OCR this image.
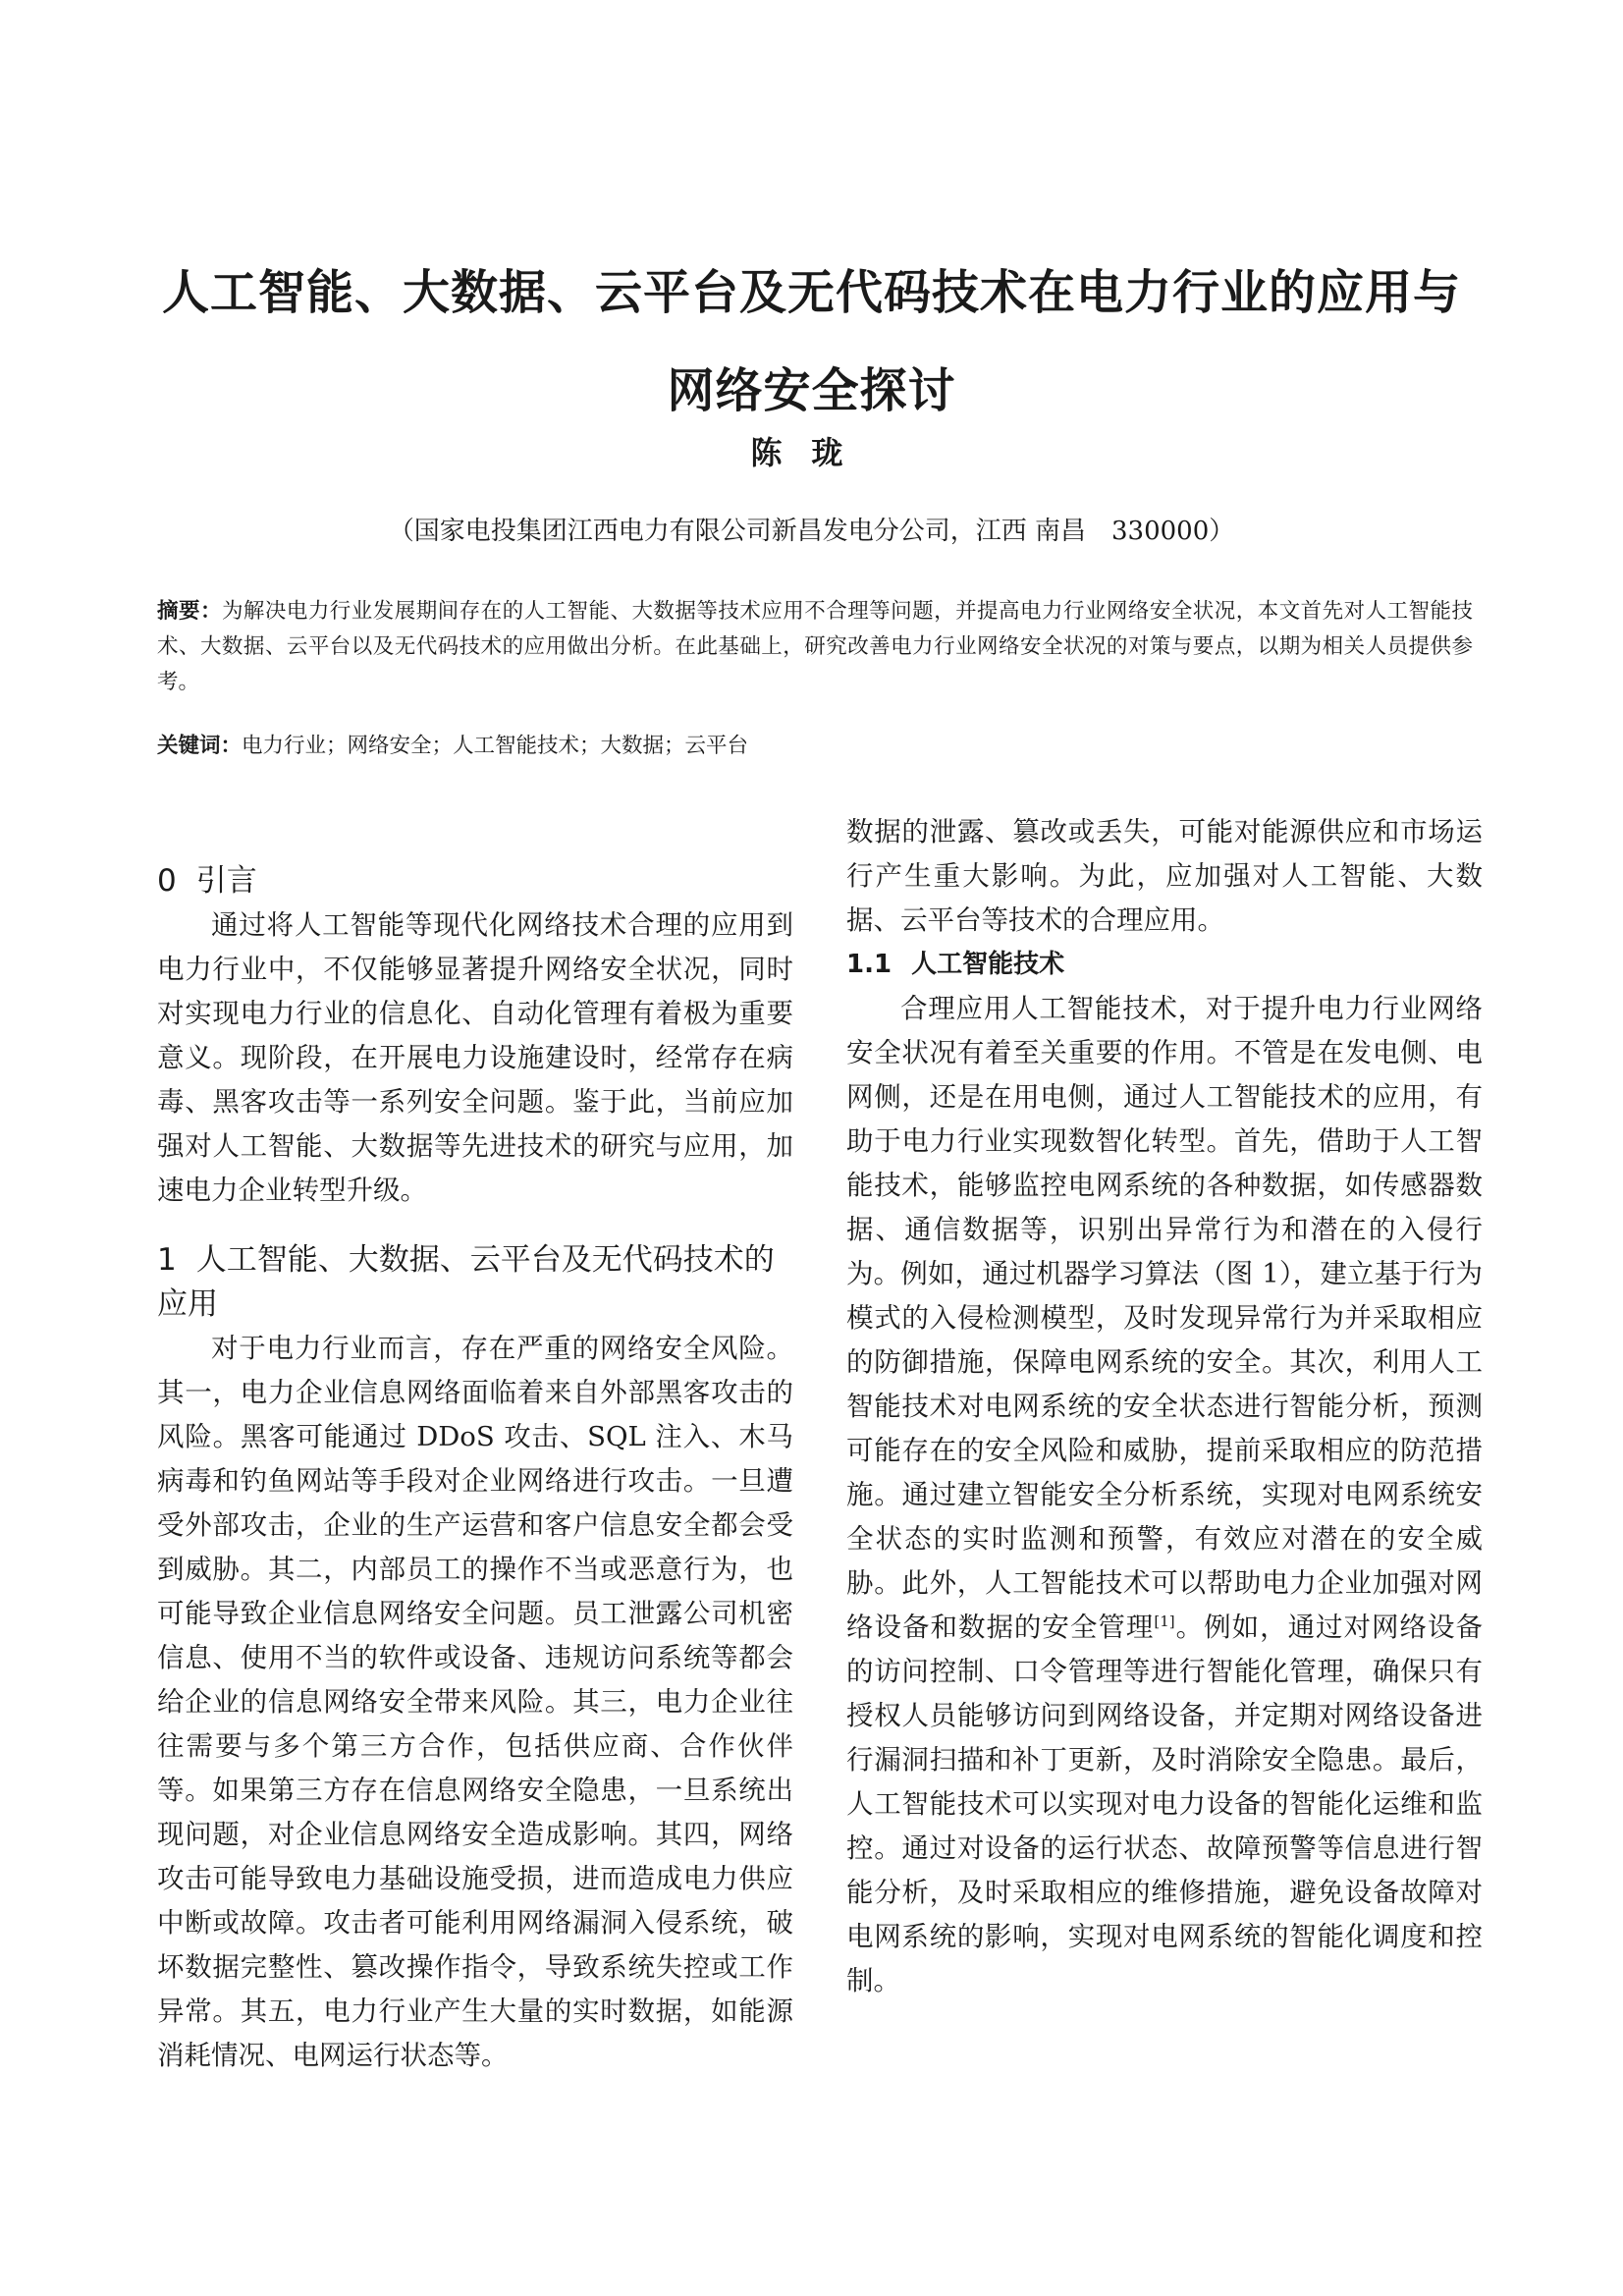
人工智能、大数据、云平台及无代码技术在电力行业的应用与
网络安全探讨
陈珑
（国家电投集团江西电力有限公司新昌发电分公司，江西 南昌　330000）
摘要：为解决电力行业发展期间存在的人工智能、大数据等技术应用不合理等问题，并提高电力行业网络安全状况，本文首先对人工智能技术、大数据、云平台以及无代码技术的应用做出分析。在此基础上，研究改善电力行业网络安全状况的对策与要点，以期为相关人员提供参考。
关键词：电力行业；网络安全；人工智能技术；大数据；云平台
0 引言

通过将人工智能等现代化网络技术合理的应用到电力行业中，不仅能够显著提升网络安全状况，同时对实现电力行业的信息化、自动化管理有着极为重要意义。现阶段，在开展电力设施建设时，经常存在病毒、黑客攻击等一系列安全问题。鉴于此，当前应加强对人工智能、大数据等先进技术的研究与应用，加速电力企业转型升级。

1 人工智能、大数据、云平台及无代码技术的应用

对于电力行业而言，存在严重的网络安全风险。其一，电力企业信息网络面临着来自外部黑客攻击的风险。黑客可能通过 DDoS 攻击、SQL 注入、木马病毒和钓鱼网站等手段对企业网络进行攻击。一旦遭受外部攻击，企业的生产运营和客户信息安全都会受到威胁。其二，内部员工的操作不当或恶意行为，也可能导致企业信息网络安全问题。员工泄露公司机密信息、使用不当的软件或设备、违规访问系统等都会给企业的信息网络安全带来风险。其三，电力企业往往需要与多个第三方合作，包括供应商、合作伙伴等。如果第三方存在信息网络安全隐患，一旦系统出现问题，对企业信息网络安全造成影响。其四，网络攻击可能导致电力基础设施受损，进而造成电力供应中断或故障。攻击者可能利用网络漏洞入侵系统，破坏数据完整性、篡改操作指令，导致系统失控或工作异常。其五，电力行业产生大量的实时数据，如能源消耗情况、电网运行状态等。

数据的泄露、篡改或丢失，可能对能源供应和市场运行产生重大影响。为此，应加强对人工智能、大数据、云平台等技术的合理应用。

1.1 人工智能技术

合理应用人工智能技术，对于提升电力行业网络安全状况有着至关重要的作用。不管是在发电侧、电网侧，还是在用电侧，通过人工智能技术的应用，有助于电力行业实现数智化转型。首先，借助于人工智能技术，能够监控电网系统的各种数据，如传感器数据、通信数据等，识别出异常行为和潜在的入侵行为。例如，通过机器学习算法（图 1），建立基于行为模式的入侵检测模型，及时发现异常行为并采取相应的防御措施，保障电网系统的安全。其次，利用人工智能技术对电网系统的安全状态进行智能分析，预测可能存在的安全风险和威胁，提前采取相应的防范措施。通过建立智能安全分析系统，实现对电网系统安全状态的实时监测和预警，有效应对潜在的安全威胁。此外，人工智能技术可以帮助电力企业加强对网络设备和数据的安全管理[1]。例如，通过对网络设备的访问控制、口令管理等进行智能化管理，确保只有授权人员能够访问到网络设备，并定期对网络设备进行漏洞扫描和补丁更新，及时消除安全隐患。最后，人工智能技术可以实现对电力设备的智能化运维和监控。通过对设备的运行状态、故障预警等信息进行智能分析，及时采取相应的维修措施，避免设备故障对电网系统的影响，实现对电网系统的智能化调度和控制。
